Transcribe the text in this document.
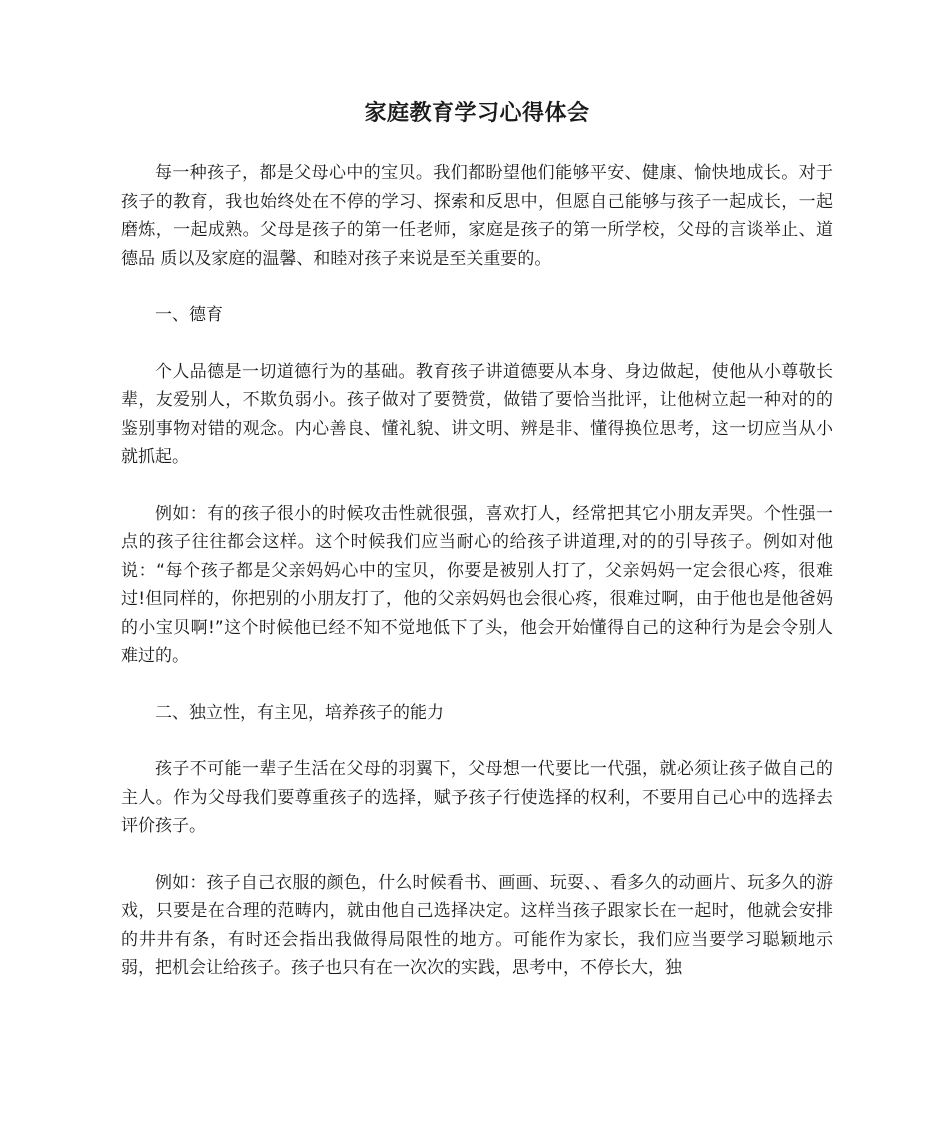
家庭教育学习心得体会

每一种孩子，都是父母心中的宝贝。我们都盼望他们能够平安、健康、愉快地成长。对于孩子的教育，我也始终处在不停的学习、探索和反思中，但愿自己能够与孩子一起成长，一起磨炼，一起成熟。父母是孩子的第一任老师，家庭是孩子的第一所学校，父母的言谈举止、道德品 质以及家庭的温馨、和睦对孩子来说是至关重要的。

一、德育

个人品德是一切道德行为的基础。教育孩子讲道德要从本身、身边做起，使他从小尊敬长辈，友爱别人，不欺负弱小。孩子做对了要赞赏，做错了要恰当批评，让他树立起一种对的的鉴别事物对错的观念。内心善良、懂礼貌、讲文明、辨是非、懂得换位思考，这一切应当从小就抓起。

例如：有的孩子很小的时候攻击性就很强，喜欢打人，经常把其它小朋友弄哭。个性强一点的孩子往往都会这样。这个时候我们应当耐心的给孩子讲道理,对的的引导孩子。例如对他说：“每个孩子都是父亲妈妈心中的宝贝，你要是被别人打了，父亲妈妈一定会很心疼，很难过!但同样的，你把别的小朋友打了，他的父亲妈妈也会很心疼，很难过啊，由于他也是他爸妈的小宝贝啊!”这个时候他已经不知不觉地低下了头，他会开始懂得自己的这种行为是会令别人难过的。

二、独立性，有主见，培养孩子的能力

孩子不可能一辈子生活在父母的羽翼下，父母想一代要比一代强，就必须让孩子做自己的主人。作为父母我们要尊重孩子的选择，赋予孩子行使选择的权利，不要用自己心中的选择去评价孩子。

例如：孩子自己衣服的颜色，什么时候看书、画画、玩耍、、看多久的动画片、玩多久的游戏，只要是在合理的范畴内，就由他自己选择决定。这样当孩子跟家长在一起时，他就会安排的井井有条，有时还会指出我做得局限性的地方。可能作为家长，我们应当要学习聪颖地示弱，把机会让给孩子。孩子也只有在一次次的实践，思考中，不停长大，独
